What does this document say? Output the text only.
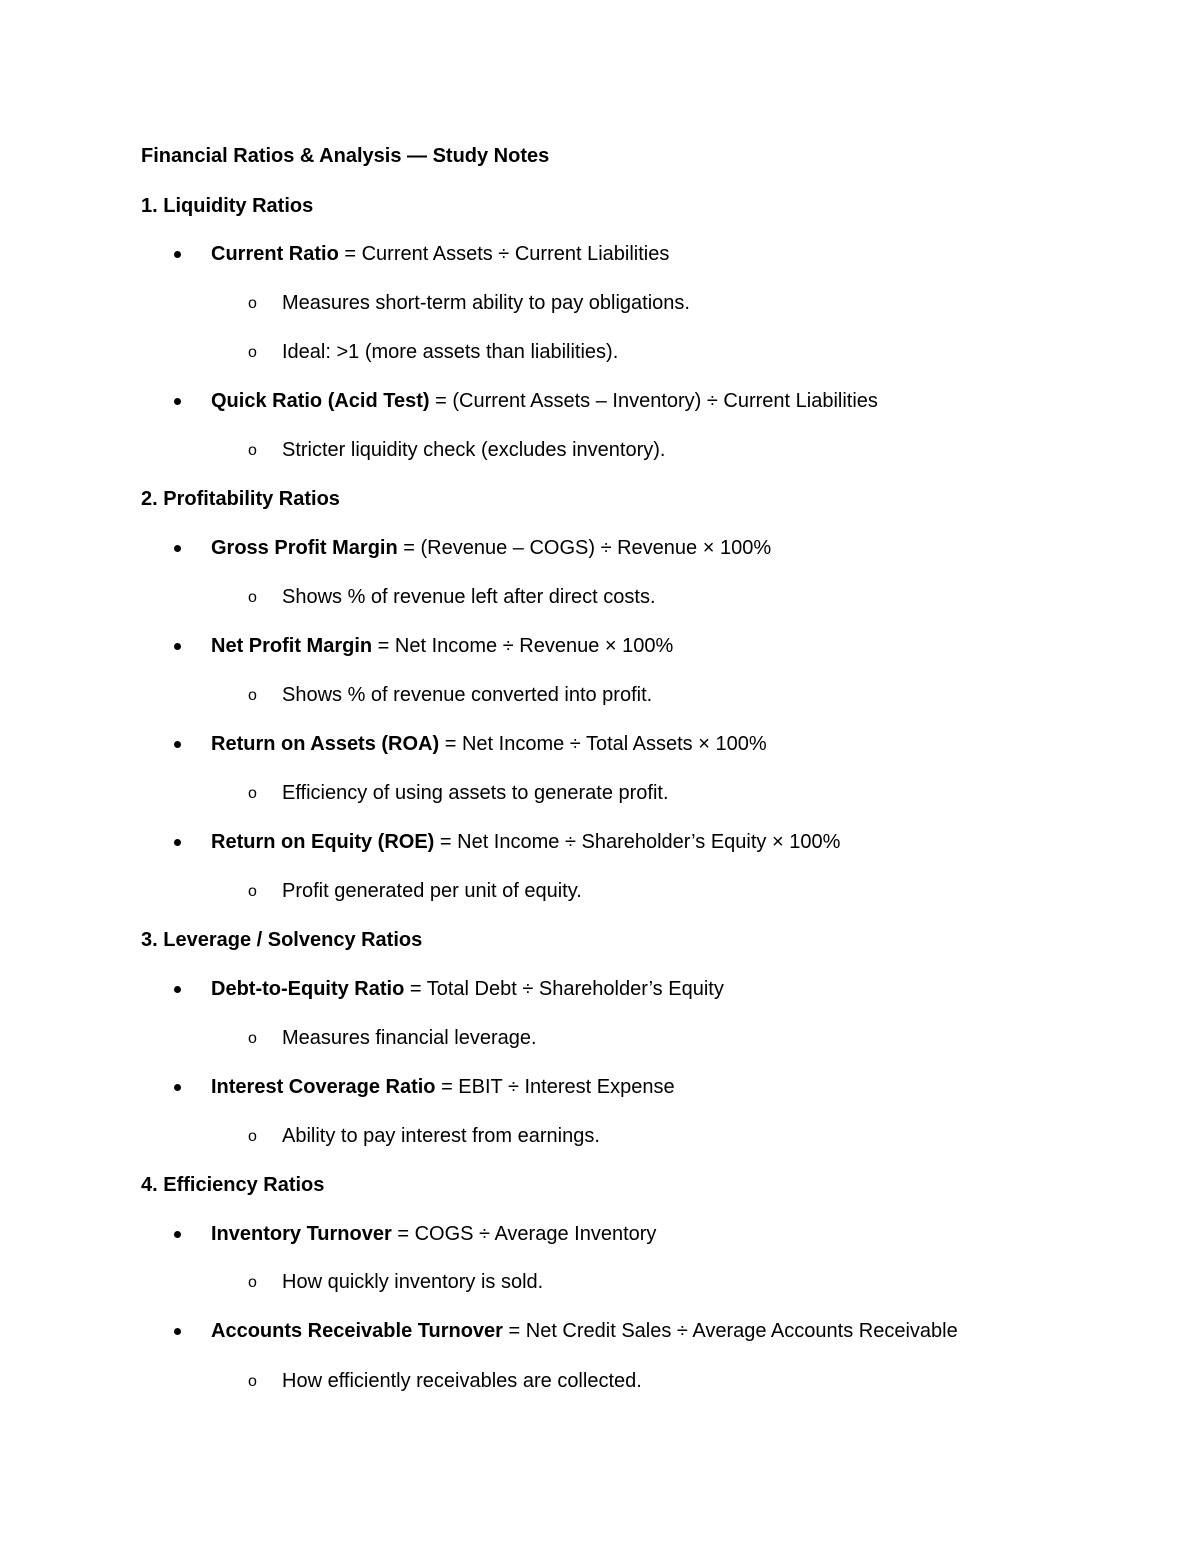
Financial Ratios & Analysis — Study Notes
1. Liquidity Ratios
Current Ratio = Current Assets ÷ Current Liabilities
o Measures short-term ability to pay obligations.
o Ideal: >1 (more assets than liabilities).
Quick Ratio (Acid Test) = (Current Assets – Inventory) ÷ Current Liabilities
o Stricter liquidity check (excludes inventory).
2. Profitability Ratios
Gross Profit Margin = (Revenue – COGS) ÷ Revenue × 100%
o Shows % of revenue left after direct costs.
Net Profit Margin = Net Income ÷ Revenue × 100%
o Shows % of revenue converted into profit.
Return on Assets (ROA) = Net Income ÷ Total Assets × 100%
o Efficiency of using assets to generate profit.
Return on Equity (ROE) = Net Income ÷ Shareholder’s Equity × 100%
o Profit generated per unit of equity.
3. Leverage / Solvency Ratios
Debt-to-Equity Ratio = Total Debt ÷ Shareholder’s Equity
o Measures financial leverage.
Interest Coverage Ratio = EBIT ÷ Interest Expense
o Ability to pay interest from earnings.
4. Efficiency Ratios
Inventory Turnover = COGS ÷ Average Inventory
o How quickly inventory is sold.
Accounts Receivable Turnover = Net Credit Sales ÷ Average Accounts Receivable
o How efficiently receivables are collected.
